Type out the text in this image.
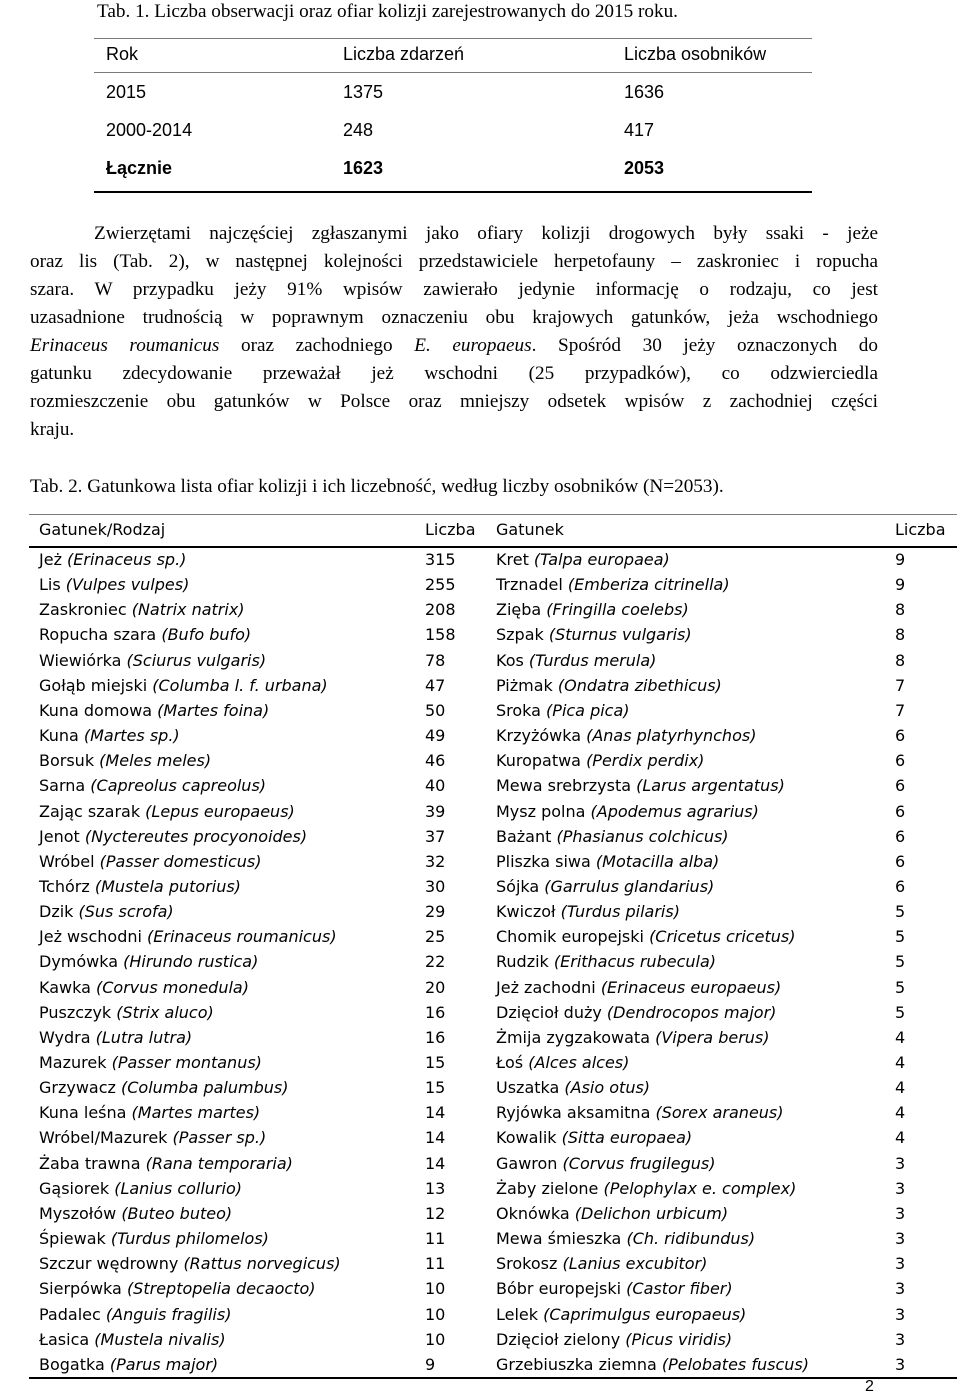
Tab. 1. Liczba obserwacji oraz ofiar kolizji zarejestrowanych do 2015 roku.
Rok	Liczba zdarzeń	Liczba osobników
2015	1375	1636
2000-2014	248	417
Łącznie	1623	2053
Zwierzętami najczęściej zgłaszanymi jako ofiary kolizji drogowych były ssaki - jeże
oraz lis (Tab. 2), w następnej kolejności przedstawiciele herpetofauny – zaskroniec i ropucha
szara. W przypadku jeży 91% wpisów zawierało jedynie informację o rodzaju, co jest
uzasadnione trudnością w poprawnym oznaczeniu obu krajowych gatunków, jeża wschodniego
Erinaceus roumanicus oraz zachodniego E. europaeus. Spośród 30 jeży oznaczonych do
gatunku zdecydowanie przeważał jeż wschodni (25 przypadków), co odzwierciedla
rozmieszczenie obu gatunków w Polsce oraz mniejszy odsetek wpisów z zachodniej części
kraju.
Tab. 2. Gatunkowa lista ofiar kolizji i ich liczebność, według liczby osobników (N=2053).
Gatunek/Rodzaj	Liczba Gatunek	Liczba
Jeż (Erinaceus sp.)	315	Kret (Talpa europaea)	9
Lis (Vulpes vulpes)	255	Trznadel (Emberiza citrinella)	9
Zaskroniec (Natrix natrix)	208	Zięba (Fringilla coelebs)	8
Ropucha szara (Bufo bufo)	158	Szpak (Sturnus vulgaris)	8
Wiewiórka (Sciurus vulgaris)	78	Kos (Turdus merula)	8
Gołąb miejski (Columba l. f. urbana)	47	Piżmak (Ondatra zibethicus)	7
Kuna domowa (Martes foina)	50	Sroka (Pica pica)	7
Kuna (Martes sp.)	49	Krzyżówka (Anas platyrhynchos)	6
Borsuk (Meles meles)	46	Kuropatwa (Perdix perdix)	6
Sarna (Capreolus capreolus)	40	Mewa srebrzysta (Larus argentatus)	6
Zając szarak (Lepus europaeus)	39	Mysz polna (Apodemus agrarius)	6
Jenot (Nyctereutes procyonoides)	37	Bażant (Phasianus colchicus)	6
Wróbel (Passer domesticus)	32	Pliszka siwa (Motacilla alba)	6
Tchórz (Mustela putorius)	30	Sójka (Garrulus glandarius)	6
Dzik (Sus scrofa)	29	Kwiczoł (Turdus pilaris)	5
Jeż wschodni (Erinaceus roumanicus)	25	Chomik europejski (Cricetus cricetus)	5
Dymówka (Hirundo rustica)	22	Rudzik (Erithacus rubecula)	5
Kawka (Corvus monedula)	20	Jeż zachodni (Erinaceus europaeus)	5
Puszczyk (Strix aluco)	16	Dzięcioł duży (Dendrocopos major)	5
Wydra (Lutra lutra)	16	Żmija zygzakowata (Vipera berus)	4
Mazurek (Passer montanus)	15	Łoś (Alces alces)	4
Grzywacz (Columba palumbus)	15	Uszatka (Asio otus)	4
Kuna leśna (Martes martes)	14	Ryjówka aksamitna (Sorex araneus)	4
Wróbel/Mazurek (Passer sp.)	14	Kowalik (Sitta europaea)	4
Żaba trawna (Rana temporaria)	14	Gawron (Corvus frugilegus)	3
Gąsiorek (Lanius collurio)	13	Żaby zielone (Pelophylax e. complex)	3
Myszołów (Buteo buteo)	12	Oknówka (Delichon urbicum)	3
Śpiewak (Turdus philomelos)	11	Mewa śmieszka (Ch. ridibundus)	3
Szczur wędrowny (Rattus norvegicus)	11	Srokosz (Lanius excubitor)	3
Sierpówka (Streptopelia decaocto)	10	Bóbr europejski (Castor fiber)	3
Padalec (Anguis fragilis)	10	Lelek (Caprimulgus europaeus)	3
Łasica (Mustela nivalis)	10	Dzięcioł zielony (Picus viridis)	3
Bogatka (Parus major)	9	Grzebiuszka ziemna (Pelobates fuscus)	3
2
